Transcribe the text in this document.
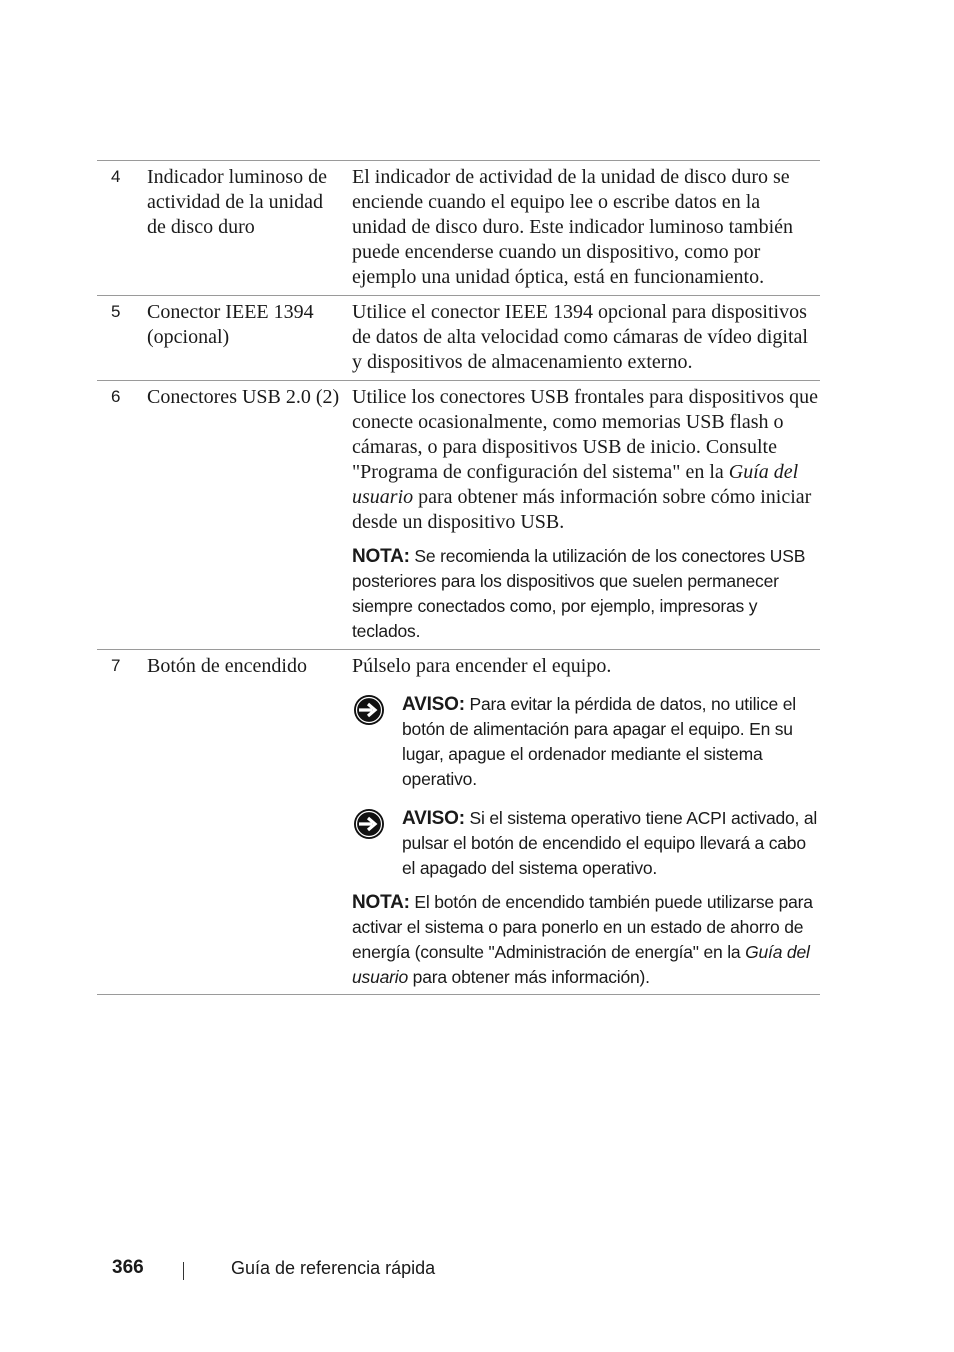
4 Indicador luminoso de actividad de la unidad de disco duro

El indicador de actividad de la unidad de disco duro se enciende cuando el equipo lee o escribe datos en la unidad de disco duro. Este indicador luminoso también puede encenderse cuando un dispositivo, como por ejemplo una unidad óptica, está en funcionamiento.

5 Conector IEEE 1394 (opcional)

Utilice el conector IEEE 1394 opcional para dispositivos de datos de alta velocidad como cámaras de vídeo digital y dispositivos de almacenamiento externo.

6 Conectores USB 2.0 (2) Utilice los conectores USB frontales para dispositivos que conecte ocasionalmente, como memorias USB flash o cámaras, o para dispositivos USB de inicio. Consulte "Programa de configuración del sistema" en la Guía del usuario para obtener más información sobre cómo iniciar desde un dispositivo USB.

NOTA: Se recomienda la utilización de los conectores USB posteriores para los dispositivos que suelen permanecer siempre conectados como, por ejemplo, impresoras y teclados.

7 Botón de encendido	Púlselo para encender el equipo.

AVISO: Para evitar la pérdida de datos, no utilice el botón de alimentación para apagar el equipo. En su lugar, apague el ordenador mediante el sistema operativo.

AVISO: Si el sistema operativo tiene ACPI activado, al pulsar el botón de encendido el equipo llevará a cabo el apagado del sistema operativo.

NOTA: El botón de encendido también puede utilizarse para activar el sistema o para ponerlo en un estado de ahorro de energía (consulte "Administración de energía" en la Guía del usuario para obtener más información).

366	Guía de referencia rápida
